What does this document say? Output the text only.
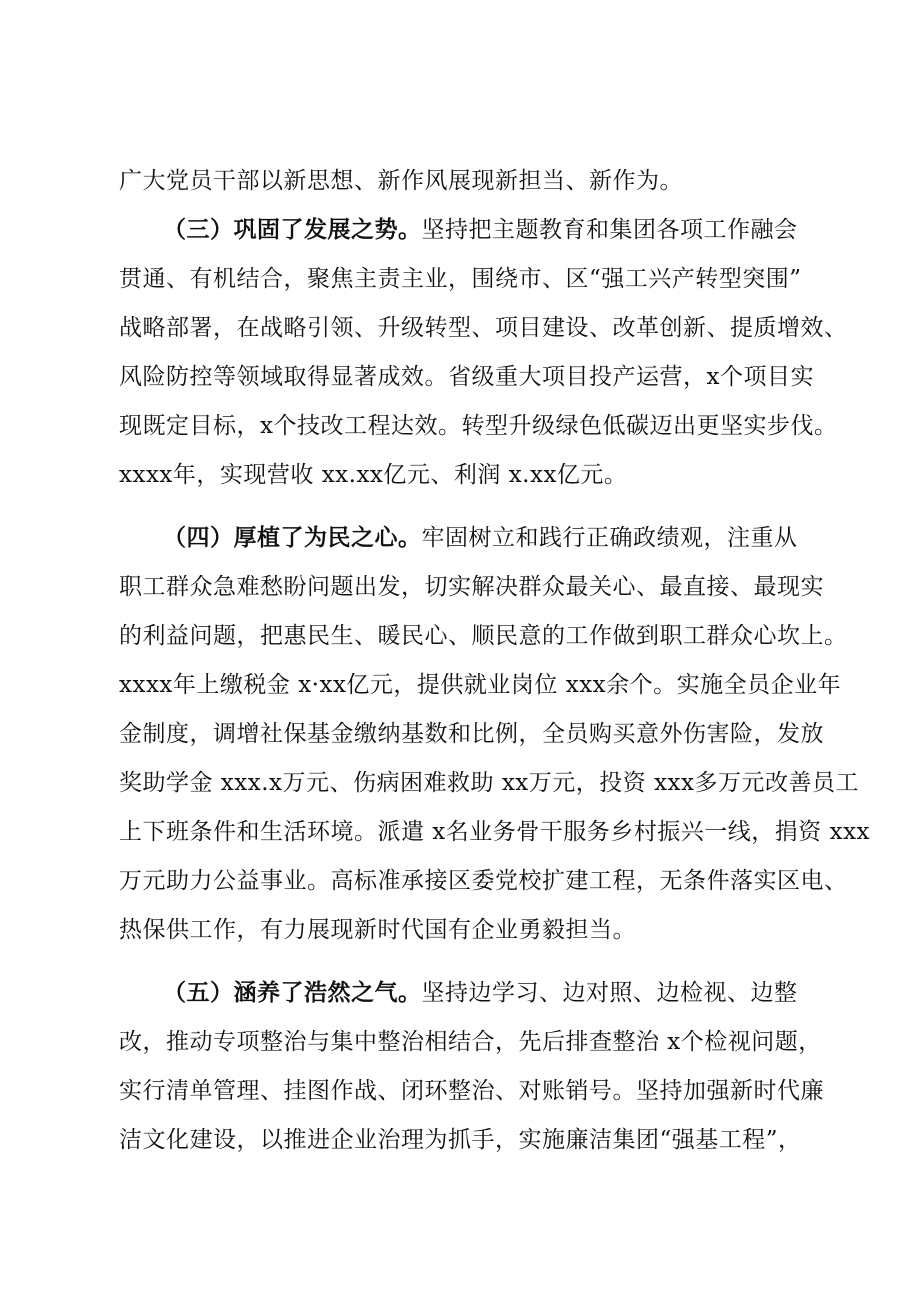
广大党员干部以新思想、新作风展现新担当、新作为。
（三）巩固了发展之势。坚持把主题教育和集团各项工作融会
贯通、有机结合，聚焦主责主业，围绕市、区“强工兴产转型突围”
战略部署，在战略引领、升级转型、项目建设、改革创新、提质增效、
风险防控等领域取得显著成效。省级重大项目投产运营，x个项目实
现既定目标，x个技改工程达效。转型升级绿色低碳迈出更坚实步伐。
xxxx年，实现营收 xx.xx亿元、利润 x.xx亿元。
（四）厚植了为民之心。牢固树立和践行正确政绩观，注重从
职工群众急难愁盼问题出发，切实解决群众最关心、最直接、最现实
的利益问题，把惠民生、暖民心、顺民意的工作做到职工群众心坎上。
xxxx年上缴税金 x·xx亿元，提供就业岗位 xxx余个。实施全员企业年
金制度，调增社保基金缴纳基数和比例，全员购买意外伤害险，发放
奖助学金 xxx.x万元、伤病困难救助 xx万元，投资 xxx多万元改善员工
上下班条件和生活环境。派遣 x名业务骨干服务乡村振兴一线，捐资 xxx
万元助力公益事业。高标准承接区委党校扩建工程，无条件落实区电、
热保供工作，有力展现新时代国有企业勇毅担当。
（五）涵养了浩然之气。坚持边学习、边对照、边检视、边整
改，推动专项整治与集中整治相结合，先后排查整治 x个检视问题，
实行清单管理、挂图作战、闭环整治、对账销号。坚持加强新时代廉
洁文化建设，以推进企业治理为抓手，实施廉洁集团“强基工程”，
